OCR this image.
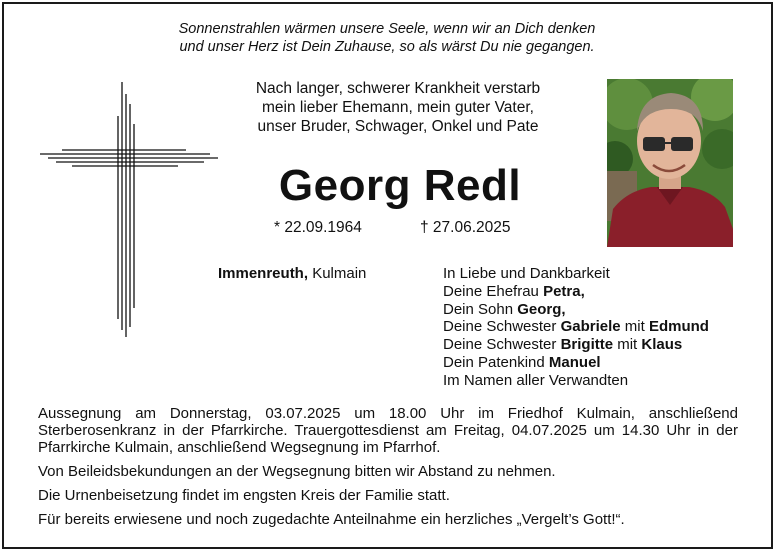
Sonnenstrahlen wärmen unsere Seele, wenn wir an Dich denken
und unser Herz ist Dein Zuhause, so als wärst Du nie gegangen.
Nach langer, schwerer Krankheit verstarb
mein lieber Ehemann, mein guter Vater,
unser Bruder, Schwager, Onkel und Pate
Georg Redl
* 22.09.1964	† 27.06.2025
Immenreuth, Kulmain	In Liebe und Dankbarkeit
Deine Ehefrau Petra,
Dein Sohn Georg,
Deine Schwester Gabriele mit Edmund
Deine Schwester Brigitte mit Klaus
Dein Patenkind Manuel
Im Namen aller Verwandten

Aussegnung am Donnerstag, 03.07.2025 um 18.00 Uhr im Friedhof Kulmain, anschließend Sterberosenkranz in der Pfarrkirche. Trauergottesdienst am Freitag, 04.07.2025 um 14.30 Uhr in der Pfarrkirche Kulmain, anschließend Wegsegnung im Pfarrhof.

Von Beileidsbekundungen an der Wegsegnung bitten wir Abstand zu nehmen.

Die Urnenbeisetzung findet im engsten Kreis der Familie statt.

Für bereits erwiesene und noch zugedachte Anteilnahme ein herzliches „Vergelt’s Gott!“.
